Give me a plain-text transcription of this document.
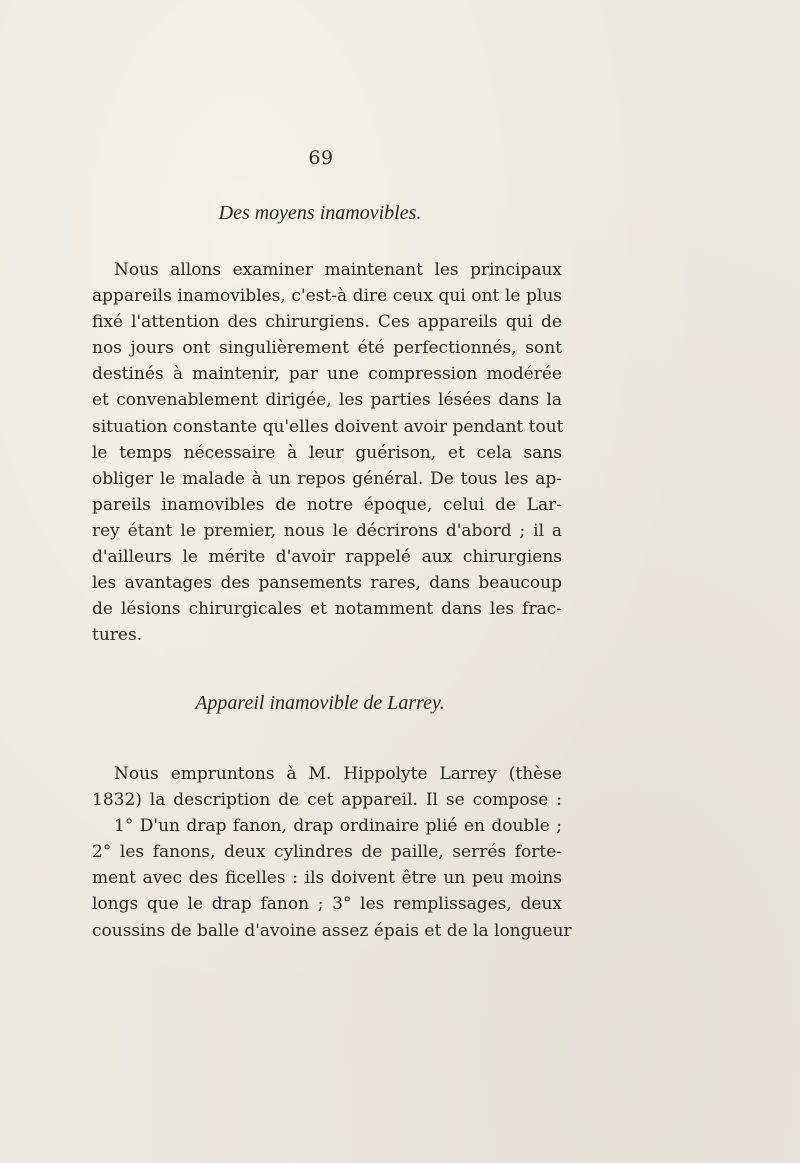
69
Des moyens inamovibles.
Nous allons examiner maintenant les principaux
appareils inamovibles, c'est-à dire ceux qui ont le plus
fixé l'attention des chirurgiens. Ces appareils qui de
nos jours ont singulièrement été perfectionnés, sont
destinés à maintenir, par une compression modérée
et convenablement dirigée, les parties lésées dans la
situation constante qu'elles doivent avoir pendant tout
le temps nécessaire à leur guérison, et cela sans
obliger le malade à un repos général. De tous les ap-
pareils inamovibles de notre époque, celui de Lar-
rey étant le premier, nous le décrirons d'abord ; il a
d'ailleurs le mérite d'avoir rappelé aux chirurgiens
les avantages des pansements rares, dans beaucoup
de lésions chirurgicales et notamment dans les frac-
tures.
Appareil inamovible de Larrey.
Nous empruntons à M. Hippolyte Larrey (thèse
1832) la description de cet appareil. Il se compose :
1° D'un drap fanon, drap ordinaire plié en double ;
2° les fanons, deux cylindres de paille, serrés forte-
ment avec des ficelles : ils doivent être un peu moins
longs que le drap fanon ; 3° les remplissages, deux
coussins de balle d'avoine assez épais et de la longueur
